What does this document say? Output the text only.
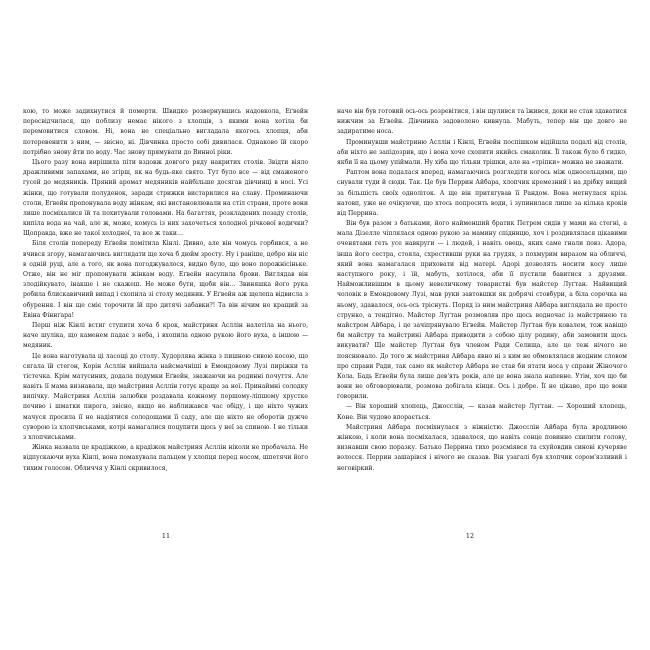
кою, то може задихнутися й померти. Швидко розвернувшись надовкола, Еґвейн пересвідчилася, що поблизу немає нікого з хлопців, з якими вона хотіла би перемовитися словом. Ні, вона не спеціально вигладала якогось хлопця, аби потеревенити з ним, — звісно, ні. Дівчинка просто собі дивилася. Однаково їй скоро потрібно знову йти по воду. Час знову прямувати до Винної ріки.

Цього разу вона вирішила піти вздовж довгого ряду накритих столів. Звідти віяло дражливими запахами, не згірш, як на будь-яке свято. Тут було все — від смаженого гусей до медяників. Пряний аромат медяників найбільше досягав дівчинці в носі. Усі жінки, що готували полуденок, заради стрижки вистарилися на славу. Проминаючи столи, Еґвейн пропонувала воду жінкам, які вистановлювали на стіл страви, проте вони лише посміхалися їй та похитували головами. На багаттях, розкладених позаду столів, кипіла вода на чай, але ж, може, комусь із них захочеться холодної річкової водички? Щоправда, вже не такої холодної, та все ж таки…

Біля столів попереду Еґвейн помітила Кінлі. Дивно, але він чомусь горбився, а не вчився згору, намагаючись виглядати ще хоча б дюйм зросту. Ну і раніше, цебро він ніс в одній руці, але а того, як вона погоджувалося, видно було, що воно порожнісіньке. Отже, він не міг пропонувати жінкам воду. Еґвейн насупила брови. Виглядав він злодійкувато, інакше і не скажеш. Не може бути, щоби він… Звиняшка його рука робила блискавичний випад і схопила зі столу медяник. У Еґвейн аж щелепа відвисла з обурення. І він ще сміє торочити їй про дитячі забавки?! Та він нічим не кращий за Евіна Фіннґара!

Перш ніж Кінлі встиг ступити хоча б крок, майстриня Асллін налетіла на нього, наче шуліка, що каменем падає з неба, і вхопила одною рукою його вуха, а іншою — медяник.

Це вона наготувала ці ласощі до столу. Худорлява жінка з пишною сивою косою, що сягала їй стегон, Корін Асллін вийшала найсмачніші в Емондовому Лузі пиріжки та тістечка. Крім матусиних, додала подумки Еґвейн, зважаючи на родинні почуття. Але навіть її мама визнавала, що майстриня Асллін готує краще за неї. Принаймні солодку випічку. Майстриня Асллін залюбки роздавала кожному першому-ліпшому хрустке печиво і шматки пирога, звісно, якщо не наближався час обіду, і ще ніхто чужих мачуся просила її не надіятися солодощами її саду, але ще ніхто не оборотів дужче суворою із хлопчиськами, котрі намагалися поцупити щось у неї за спиною. І не тільки з хлопчиськами.

Жінка назвала це крадіжкою, а крадіжок майстриня Асллін ніколи не пробачала. Не відпускаючи вуха Кінлі, вона помахувала пальцем у хлопця перед носом, шпетячи його тихим голосом. Обличчя у Кінлі скривилося,

11

наче він був готовий ось-ось розревітися, і він щулився та їжився, доки не став здаватися нижчим за Еґвейн. Дівчинка задоволено кивнула. Мабуть, тепер він ще довго не задиратиме носа.

Проминувши майстриню Асллін і Кінлі, Еґвейн поспішком відійшла подалі від столів, аби ніхто не запідозрив, що і вона хоче схопити якийсь смаколик. Її також було б гидко, якби її на цьому упіймали. Ну хіба що тільки трішки, але на «тріпки» можна не зважати.

Раптом вона подалася вперед, намагаючись розгледіти когось між односельцями, що снували туди й сюди. Так. Це був Перрин Айбара, хлопчик кремезний і на дрібку вищий за більшість своїх одноліток. А ще він притягував її Рандом. Вона метнулася крізь натовп, уже не очікуючи, що хтось попросить води, і зупинилася лише за кілька кроків від Перрина.

Він був разом з батьками, його найменший братик Петрем сидів у мами на стегні, а мала Дізелле чіплялася одною рукою за мамину спідницю, хоч і роздивлялася цікавими оченятами геть усе навкруги — і людей, і навіть овець, яких саме гнали повз. Адора, інша його сестра, стояла, схрестивши руки на грудях, з похмурим виразом на обличчі, який вона намагалася приховати від матері. Адорі дозволять носити косу лише наступного року, і їй, мабуть, хотілося, аби її пустили бавитися з друзями. Найможливішим в цьому невеличкому товаристві був майстер Луґтан. Найвищий чоловік в Емондовому Лузі, мав руки завтовшки як добрячі стовбури, а біла сорочка на ньому, здавалося, ось-ось тріснуть. Поряд із ним майстриня Айбара виглядала не просто струнко, а тендітно. Майстер Луґтан розмовляв про щось водночас із майстринею та майстром Айбара, і це зачіпрянувало Еґвейн. Майстер Луґтан був ковалем, тож навіщо би майстру та майстрині Айбара приводити з собою цілу родину, аби замовити щось викувати? Ще майстер Луґтан був членом Ради Селища, але це теж нічого не пояснювало. До того ж майстриня Айбара явно ні з ким не обмовлялася жодним словом про справи Ради, так само як майстер Айбара не став би ятати носа у справи Жіночого Кола. Бадь Еґвейн була лише дев'ять років, але це вона знала напевне. Утім, хоч що би вони не обговорювали, розмова добігала кінця. Ось і добре. Її не цікаво, про що вони говорили.

— Він хороший хлопець, Джосслін, — казав майстер Луґтан. — Хороший хлопець, Коне. Він чудово впорається.

Майстриня Айбара посміхнулася з ніжністю. Джосслін Айбара була вродливою жінкою, і коли вона посміхалася, здавалося, що навіть сонце повинно схилити голову, визнавши свою поразку. Батько Перрина тихо розсміявся та схуйовдив синові кучеряве волосся. Перрин зашарівся і нічого не сказав. Він узагалі був хлопчик сором'язливий і неговіркий.

12
